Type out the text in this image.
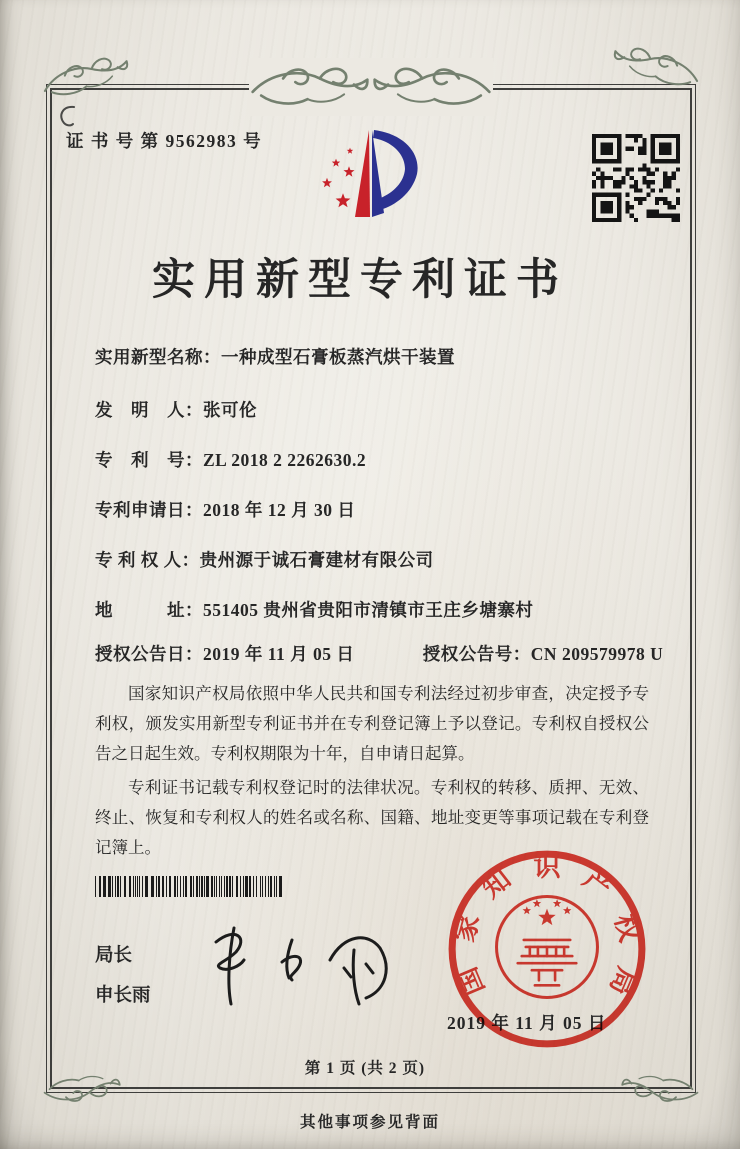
证 书 号 第 9562983 号
实用新型专利证书
实用新型名称：一种成型石膏板蒸汽烘干装置
发　明　人：张可伦
专　利　号：ZL 2018 2 2262630.2
专利申请日：2018 年 12 月 30 日
专 利 权 人：贵州源于诚石膏建材有限公司
地　　　址：551405 贵州省贵阳市清镇市王庄乡塘寨村
授权公告日：2019 年 11 月 05 日	授权公告号：CN 209579978 U

国家知识产权局依照中华人民共和国专利法经过初步审查，决定授予专利权，颁发实用新型专利证书并在专利登记簿上予以登记。专利权自授权公告之日起生效。专利权期限为十年，自申请日起算。

专利证书记载专利权登记时的法律状况。专利权的转移、质押、无效、终止、恢复和专利权人的姓名或名称、国籍、地址变更等事项记载在专利登记簿上。

局长
申长雨
2019 年 11 月 05 日
国
家
知 识 产
权
局
第 1 页 (共 2 页)
其他事项参见背面
